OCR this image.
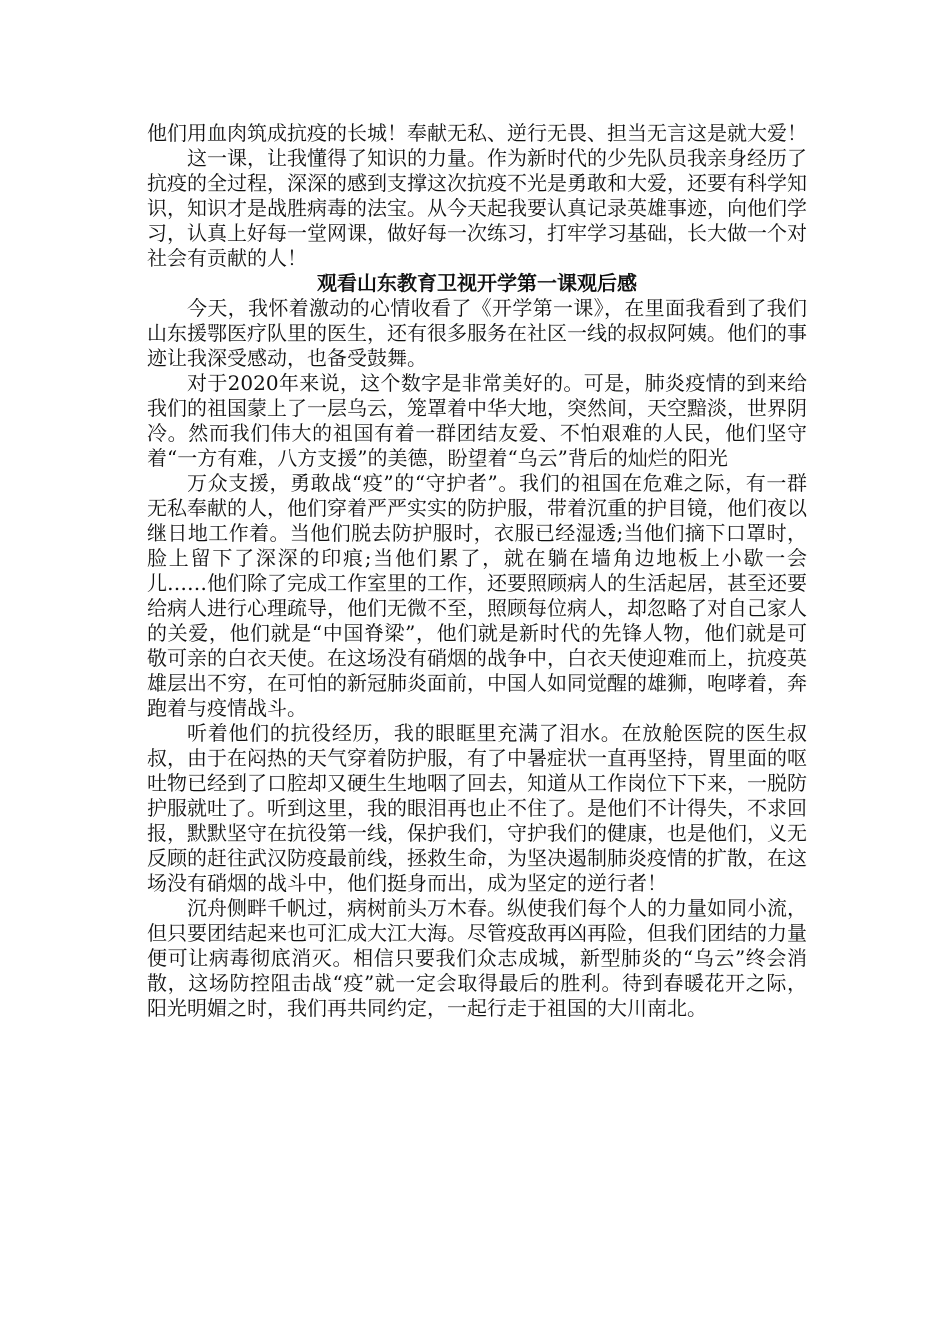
他们用血肉筑成抗疫的长城！奉献无私、逆行无畏、担当无言这是就大爱！

这一课，让我懂得了知识的力量。作为新时代的少先队员我亲身经历了抗疫的全过程，深深的感到支撑这次抗疫不光是勇敢和大爱，还要有科学知识，知识才是战胜病毒的法宝。从今天起我要认真记录英雄事迹，向他们学习，认真上好每一堂网课，做好每一次练习，打牢学习基础，长大做一个对社会有贡献的人！

观看山东教育卫视开学第一课观后感

今天，我怀着激动的心情收看了《开学第一课》，在里面我看到了我们山东援鄂医疗队里的医生，还有很多服务在社区一线的叔叔阿姨。他们的事迹让我深受感动，也备受鼓舞。

对于2020年来说，这个数字是非常美好的。可是，肺炎疫情的到来给我们的祖国蒙上了一层乌云，笼罩着中华大地，突然间，天空黯淡，世界阴冷。然而我们伟大的祖国有着一群团结友爱、不怕艰难的人民，他们坚守着“一方有难，八方支援”的美德，盼望着“乌云”背后的灿烂的阳光

万众支援，勇敢战“疫”的“守护者”。我们的祖国在危难之际，有一群无私奉献的人，他们穿着严严实实的防护服，带着沉重的护目镜，他们夜以继日地工作着。当他们脱去防护服时，衣服已经湿透;当他们摘下口罩时，脸上留下了深深的印痕;当他们累了，就在躺在墙角边地板上小歇一会儿……他们除了完成工作室里的工作，还要照顾病人的生活起居，甚至还要给病人进行心理疏导，他们无微不至，照顾每位病人，却忽略了对自己家人的关爱，他们就是“中国脊梁”，他们就是新时代的先锋人物，他们就是可敬可亲的白衣天使。在这场没有硝烟的战争中，白衣天使迎难而上，抗疫英雄层出不穷，在可怕的新冠肺炎面前，中国人如同觉醒的雄狮，咆哮着，奔跑着与疫情战斗。

听着他们的抗役经历，我的眼眶里充满了泪水。在放舱医院的医生叔叔，由于在闷热的天气穿着防护服，有了中暑症状一直再坚持，胃里面的呕吐物已经到了口腔却又硬生生地咽了回去，知道从工作岗位下下来，一脱防护服就吐了。听到这里，我的眼泪再也止不住了。是他们不计得失，不求回报，默默坚守在抗役第一线，保护我们，守护我们的健康，也是他们，义无反顾的赶往武汉防疫最前线，拯救生命，为坚决遏制肺炎疫情的扩散，在这场没有硝烟的战斗中，他们挺身而出，成为坚定的逆行者！

沉舟侧畔千帆过，病树前头万木春。纵使我们每个人的力量如同小流，但只要团结起来也可汇成大江大海。尽管疫敌再凶再险，但我们团结的力量便可让病毒彻底消灭。相信只要我们众志成城，新型肺炎的“乌云”终会消散，这场防控阻击战“疫”就一定会取得最后的胜利。待到春暖花开之际，阳光明媚之时，我们再共同约定，一起行走于祖国的大川南北。
